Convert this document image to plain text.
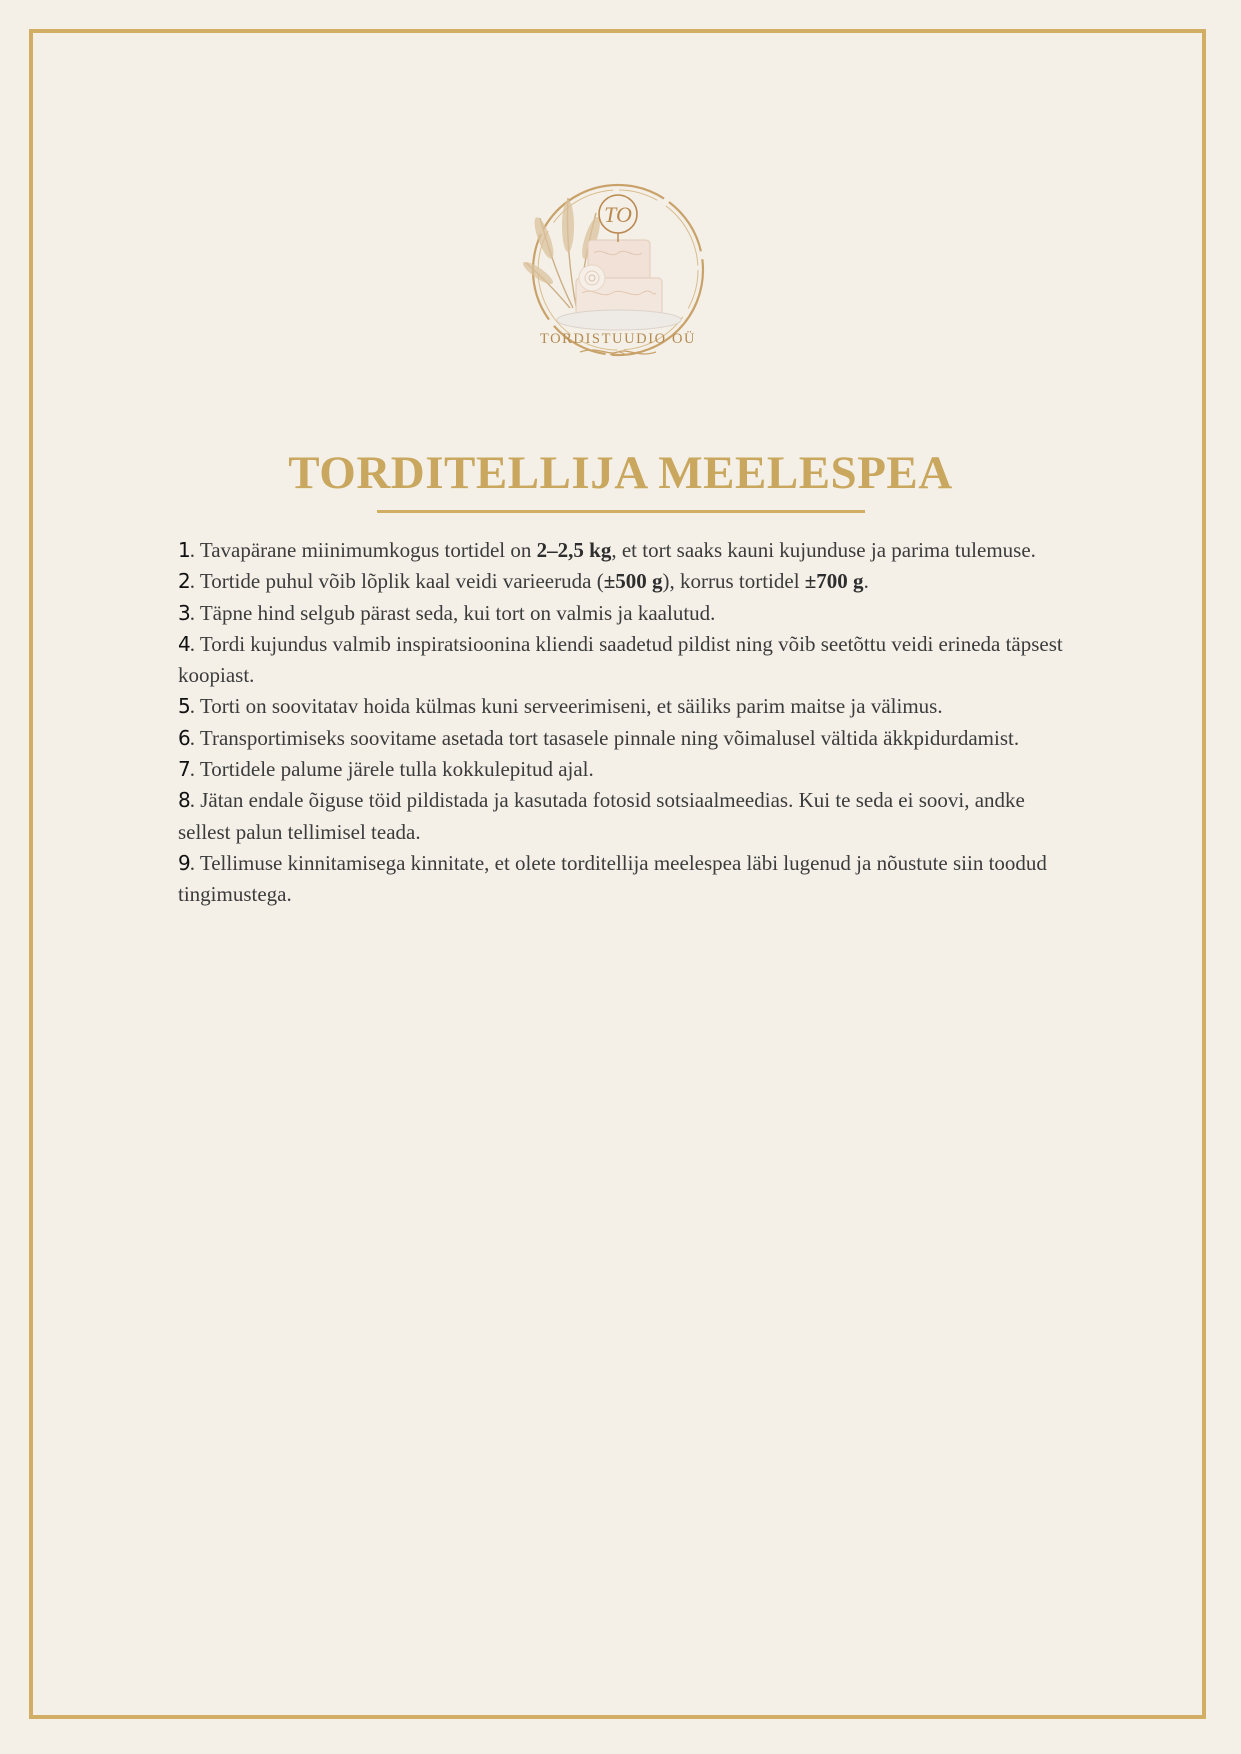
TO
TORDISTUUDIO OÜ
TORDITELLIJA MEELESPEA
1. Tavapärane miinimumkogus tortidel on 2–2,5 kg, et tort saaks kauni kujunduse ja parima tulemuse.
2. Tortide puhul võib lõplik kaal veidi varieeruda (±500 g), korrus tortidel ±700 g.
3. Täpne hind selgub pärast seda, kui tort on valmis ja kaalutud.
4. Tordi kujundus valmib inspiratsioonina kliendi saadetud pildist ning võib seetõttu veidi erineda täpsest koopiast.
5. Torti on soovitatav hoida külmas kuni serveerimiseni, et säiliks parim maitse ja välimus.
6. Transportimiseks soovitame asetada tort tasasele pinnale ning võimalusel vältida äkkpidurdamist.
7. Tortidele palume järele tulla kokkulepitud ajal.
8. Jätan endale õiguse töid pildistada ja kasutada fotosid sotsiaalmeedias. Kui te seda ei soovi, andke sellest palun tellimisel teada.
9. Tellimuse kinnitamisega kinnitate, et olete torditellija meelespea läbi lugenud ja nõustute siin toodud tingimustega.
